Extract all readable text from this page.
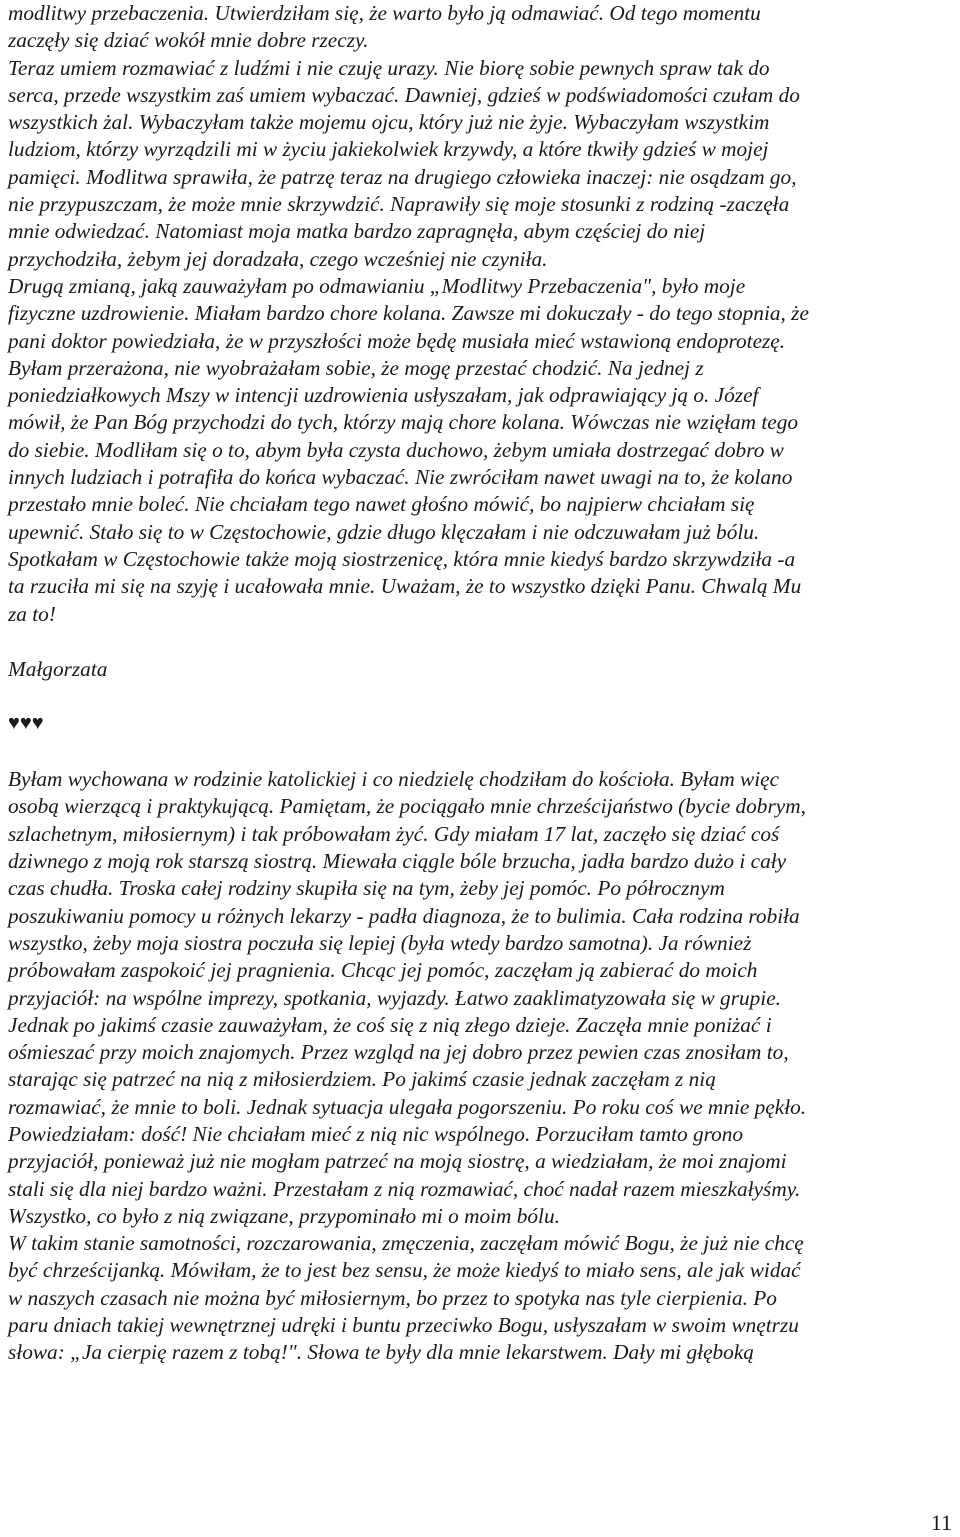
modlitwy przebaczenia. Utwierdziłam się, że warto było ją odmawiać. Od tego momentu
zaczęły się dziać wokół mnie dobre rzeczy.
Teraz umiem rozmawiać z ludźmi i nie czuję urazy. Nie biorę sobie pewnych spraw tak do
serca, przede wszystkim zaś umiem wybaczać. Dawniej, gdzieś w podświadomości czułam do
wszystkich żal. Wybaczyłam także mojemu ojcu, który już nie żyje. Wybaczyłam wszystkim
ludziom, którzy wyrządzili mi w życiu jakiekolwiek krzywdy, a które tkwiły gdzieś w mojej
pamięci. Modlitwa sprawiła, że patrzę teraz na drugiego człowieka inaczej: nie osądzam go,
nie przypuszczam, że może mnie skrzywdzić. Naprawiły się moje stosunki z rodziną -zaczęła
mnie odwiedzać. Natomiast moja matka bardzo zapragnęła, abym częściej do niej
przychodziła, żebym jej doradzała, czego wcześniej nie czyniła.
Drugą zmianą, jaką zauważyłam po odmawianiu „Modlitwy Przebaczenia", było moje
fizyczne uzdrowienie. Miałam bardzo chore kolana. Zawsze mi dokuczały - do tego stopnia, że
pani doktor powiedziała, że w przyszłości może będę musiała mieć wstawioną endoprotezę.
Byłam przerażona, nie wyobrażałam sobie, że mogę przestać chodzić. Na jednej z
poniedziałkowych Mszy w intencji uzdrowienia usłyszałam, jak odprawiający ją o. Józef
mówił, że Pan Bóg przychodzi do tych, którzy mają chore kolana. Wówczas nie wzięłam tego
do siebie. Modliłam się o to, abym była czysta duchowo, żebym umiała dostrzegać dobro w
innych ludziach i potrafiła do końca wybaczać. Nie zwróciłam nawet uwagi na to, że kolano
przestało mnie boleć. Nie chciałam tego nawet głośno mówić, bo najpierw chciałam się
upewnić. Stało się to w Częstochowie, gdzie długo klęczałam i nie odczuwałam już bólu.
Spotkałam w Częstochowie także moją siostrzenicę, która mnie kiedyś bardzo skrzywdziła -a
ta rzuciła mi się na szyję i ucałowała mnie. Uważam, że to wszystko dzięki Panu. Chwalą Mu
za to!
Małgorzata
♥♥♥
Byłam wychowana w rodzinie katolickiej i co niedzielę chodziłam do kościoła. Byłam więc
osobą wierzącą i praktykującą. Pamiętam, że pociągało mnie chrześcijaństwo (bycie dobrym,
szlachetnym, miłosiernym) i tak próbowałam żyć. Gdy miałam 17 lat, zaczęło się dziać coś
dziwnego z moją rok starszą siostrą. Miewała ciągle bóle brzucha, jadła bardzo dużo i cały
czas chudła. Troska całej rodziny skupiła się na tym, żeby jej pomóc. Po półrocznym
poszukiwaniu pomocy u różnych lekarzy - padła diagnoza, że to bulimia. Cała rodzina robiła
wszystko, żeby moja siostra poczuła się lepiej (była wtedy bardzo samotna). Ja również
próbowałam zaspokoić jej pragnienia. Chcąc jej pomóc, zaczęłam ją zabierać do moich
przyjaciół: na wspólne imprezy, spotkania, wyjazdy. Łatwo zaaklimatyzowała się w grupie.
Jednak po jakimś czasie zauważyłam, że coś się z nią złego dzieje. Zaczęła mnie poniżać i
ośmieszać przy moich znajomych. Przez wzgląd na jej dobro przez pewien czas znosiłam to,
starając się patrzeć na nią z miłosierdziem. Po jakimś czasie jednak zaczęłam z nią
rozmawiać, że mnie to boli. Jednak sytuacja ulegała pogorszeniu. Po roku coś we mnie pękło.
Powiedziałam: dość! Nie chciałam mieć z nią nic wspólnego. Porzuciłam tamto grono
przyjaciół, ponieważ już nie mogłam patrzeć na moją siostrę, a wiedziałam, że moi znajomi
stali się dla niej bardzo ważni. Przestałam z nią rozmawiać, choć nadał razem mieszkałyśmy.
Wszystko, co było z nią związane, przypominało mi o moim bólu.
W takim stanie samotności, rozczarowania, zmęczenia, zaczęłam mówić Bogu, że już nie chcę
być chrześcijanką. Mówiłam, że to jest bez sensu, że może kiedyś to miało sens, ale jak widać
w naszych czasach nie można być miłosiernym, bo przez to spotyka nas tyle cierpienia. Po
paru dniach takiej wewnętrznej udręki i buntu przeciwko Bogu, usłyszałam w swoim wnętrzu
słowa: „Ja cierpię razem z tobą!". Słowa te były dla mnie lekarstwem. Dały mi głęboką
11
